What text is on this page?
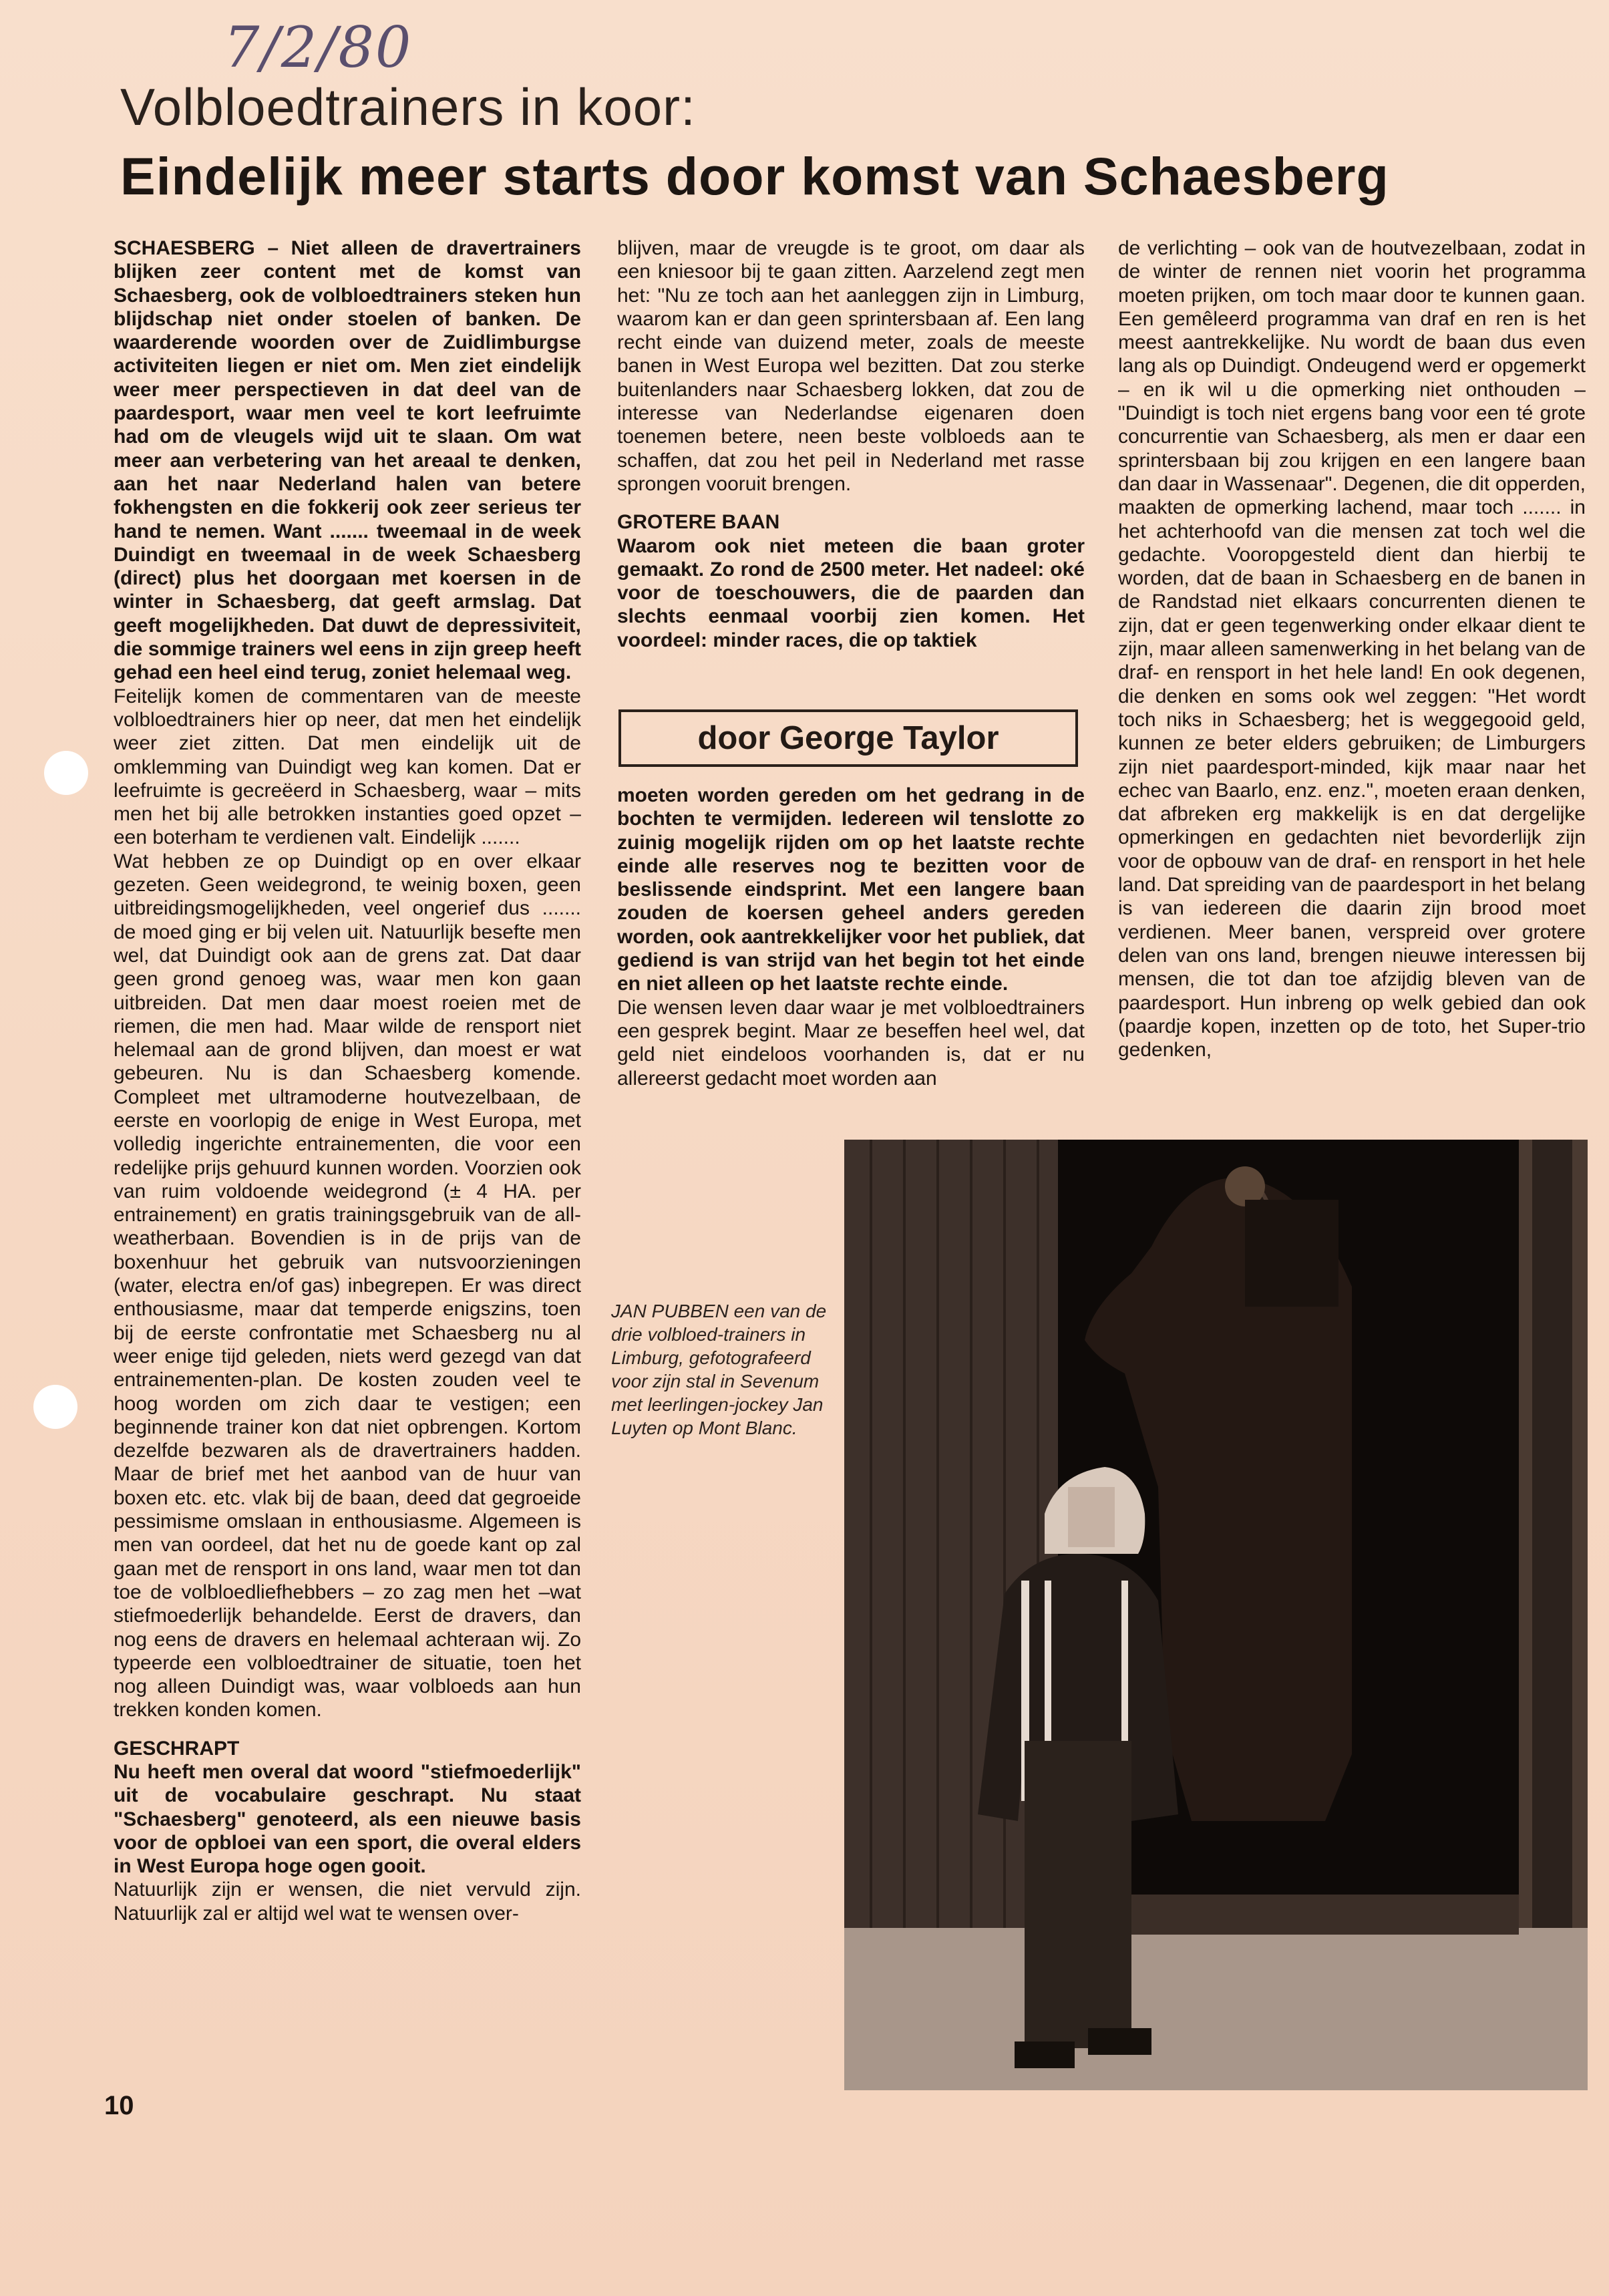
7/2/80
Volbloedtrainers in koor:
Eindelijk meer starts door komst van Schaesberg

SCHAESBERG – Niet alleen de dravertrainers blijken zeer content met de komst van Schaesberg, ook de volbloedtrainers steken hun blijdschap niet onder stoelen of banken. De waarderende woorden over de Zuidlimburgse activiteiten liegen er niet om. Men ziet eindelijk weer meer perspectieven in dat deel van de paardesport, waar men veel te kort leefruimte had om de vleugels wijd uit te slaan. Om wat meer aan verbetering van het areaal te denken, aan het naar Nederland halen van betere fokhengsten en die fokkerij ook zeer serieus ter hand te nemen. Want ....... tweemaal in de week Duindigt en tweemaal in de week Schaesberg (direct) plus het doorgaan met koersen in de winter in Schaesberg, dat geeft armslag. Dat geeft mogelijkheden. Dat duwt de depressiviteit, die sommige trainers wel eens in zijn greep heeft gehad een heel eind terug, zoniet helemaal weg.

Feitelijk komen de commentaren van de meeste volbloedtrainers hier op neer, dat men het eindelijk weer ziet zitten. Dat men eindelijk uit de omklemming van Duindigt weg kan komen. Dat er leefruimte is gecreëerd in Schaesberg, waar – mits men het bij alle betrokken instanties goed opzet – een boterham te verdienen valt. Eindelijk .......

Wat hebben ze op Duindigt op en over elkaar gezeten. Geen weidegrond, te weinig boxen, geen uitbreidingsmogelijkheden, veel ongerief dus ....... de moed ging er bij velen uit. Natuurlijk besefte men wel, dat Duindigt ook aan de grens zat. Dat daar geen grond genoeg was, waar men kon gaan uitbreiden. Dat men daar moest roeien met de riemen, die men had. Maar wilde de rensport niet helemaal aan de grond blijven, dan moest er wat gebeuren. Nu is dan Schaesberg komende. Compleet met ultramoderne houtvezelbaan, de eerste en voorlopig de enige in West Europa, met volledig ingerichte entrainementen, die voor een redelijke prijs gehuurd kunnen worden. Voorzien ook van ruim voldoende weidegrond (± 4 HA. per entrainement) en gratis trainingsgebruik van de all-weatherbaan. Bovendien is in de prijs van de boxenhuur het gebruik van nutsvoorzieningen (water, electra en/of gas) inbegrepen. Er was direct enthousiasme, maar dat temperde enigszins, toen bij de eerste confrontatie met Schaesberg nu al weer enige tijd geleden, niets werd gezegd van dat entrainementen-plan. De kosten zouden veel te hoog worden om zich daar te vestigen; een beginnende trainer kon dat niet opbrengen. Kortom dezelfde bezwaren als de dravertrainers hadden. Maar de brief met het aanbod van de huur van boxen etc. etc. vlak bij de baan, deed dat gegroeide pessimisme omslaan in enthousiasme. Algemeen is men van oordeel, dat het nu de goede kant op zal gaan met de rensport in ons land, waar men tot dan toe de volbloedliefhebbers – zo zag men het –wat stiefmoederlijk behandelde. Eerst de dravers, dan nog eens de dravers en helemaal achteraan wij. Zo typeerde een volbloedtrainer de situatie, toen het nog alleen Duindigt was, waar volbloeds aan hun trekken konden komen.

GESCHRAPT

Nu heeft men overal dat woord "stiefmoederlijk" uit de vocabulaire geschrapt. Nu staat "Schaesberg" genoteerd, als een nieuwe basis voor de opbloei van een sport, die overal elders in West Europa hoge ogen gooit.

Natuurlijk zijn er wensen, die niet vervuld zijn. Natuurlijk zal er altijd wel wat te wensen over-

blijven, maar de vreugde is te groot, om daar als een kniesoor bij te gaan zitten. Aarzelend zegt men het: "Nu ze toch aan het aanleggen zijn in Limburg, waarom kan er dan geen sprintersbaan af. Een lang recht einde van duizend meter, zoals de meeste banen in West Europa wel bezitten. Dat zou sterke buitenlanders naar Schaesberg lokken, dat zou de interesse van Nederlandse eigenaren doen toenemen betere, neen beste volbloeds aan te schaffen, dat zou het peil in Nederland met rasse sprongen vooruit brengen.

GROTERE BAAN

Waarom ook niet meteen die baan groter gemaakt. Zo rond de 2500 meter. Het nadeel: oké voor de toeschouwers, die de paarden dan slechts eenmaal voorbij zien komen. Het voordeel: minder races, die op taktiek

door George Taylor

moeten worden gereden om het gedrang in de bochten te vermijden. Iedereen wil tenslotte zo zuinig mogelijk rijden om op het laatste rechte einde alle reserves nog te bezitten voor de beslissende eindsprint. Met een langere baan zouden de koersen geheel anders gereden worden, ook aantrekkelijker voor het publiek, dat gediend is van strijd van het begin tot het einde en niet alleen op het laatste rechte einde.

Die wensen leven daar waar je met volbloedtrainers een gesprek begint. Maar ze beseffen heel wel, dat geld niet eindeloos voorhanden is, dat er nu allereerst gedacht moet worden aan

de verlichting – ook van de houtvezelbaan, zodat in de winter de rennen niet voorin het programma moeten prijken, om toch maar door te kunnen gaan. Een gemêleerd programma van draf en ren is het meest aantrekkelijke. Nu wordt de baan dus even lang als op Duindigt. Ondeugend werd er opgemerkt – en ik wil u die opmerking niet onthouden – "Duindigt is toch niet ergens bang voor een té grote concurrentie van Schaesberg, als men er daar een sprintersbaan bij zou krijgen en een langere baan dan daar in Wassenaar". Degenen, die dit opperden, maakten de opmerking lachend, maar toch ....... in het achterhoofd van die mensen zat toch wel die gedachte. Vooropgesteld dient dan hierbij te worden, dat de baan in Schaesberg en de banen in de Randstad niet elkaars concurrenten dienen te zijn, dat er geen tegenwerking onder elkaar dient te zijn, maar alleen samenwerking in het belang van de draf- en rensport in het hele land! En ook degenen, die denken en soms ook wel zeggen: "Het wordt toch niks in Schaesberg; het is weggegooid geld, kunnen ze beter elders gebruiken; de Limburgers zijn niet paardesport-minded, kijk maar naar het echec van Baarlo, enz. enz.", moeten eraan denken, dat afbreken erg makkelijk is en dat dergelijke opmerkingen en gedachten niet bevorderlijk zijn voor de opbouw van de draf- en rensport in het hele land. Dat spreiding van de paardesport in het belang is van iedereen die daarin zijn brood moet verdienen. Meer banen, verspreid over grotere delen van ons land, brengen nieuwe interessen bij mensen, die tot dan toe afzijdig bleven van de paardesport. Hun inbreng op welk gebied dan ook (paardje kopen, inzetten op de toto, het Super-trio gedenken,

JAN PUBBEN een van de drie volbloed-trainers in Limburg, gefotografeerd voor zijn stal in Sevenum met leerlingen-jockey Jan Luyten op Mont Blanc.
10
